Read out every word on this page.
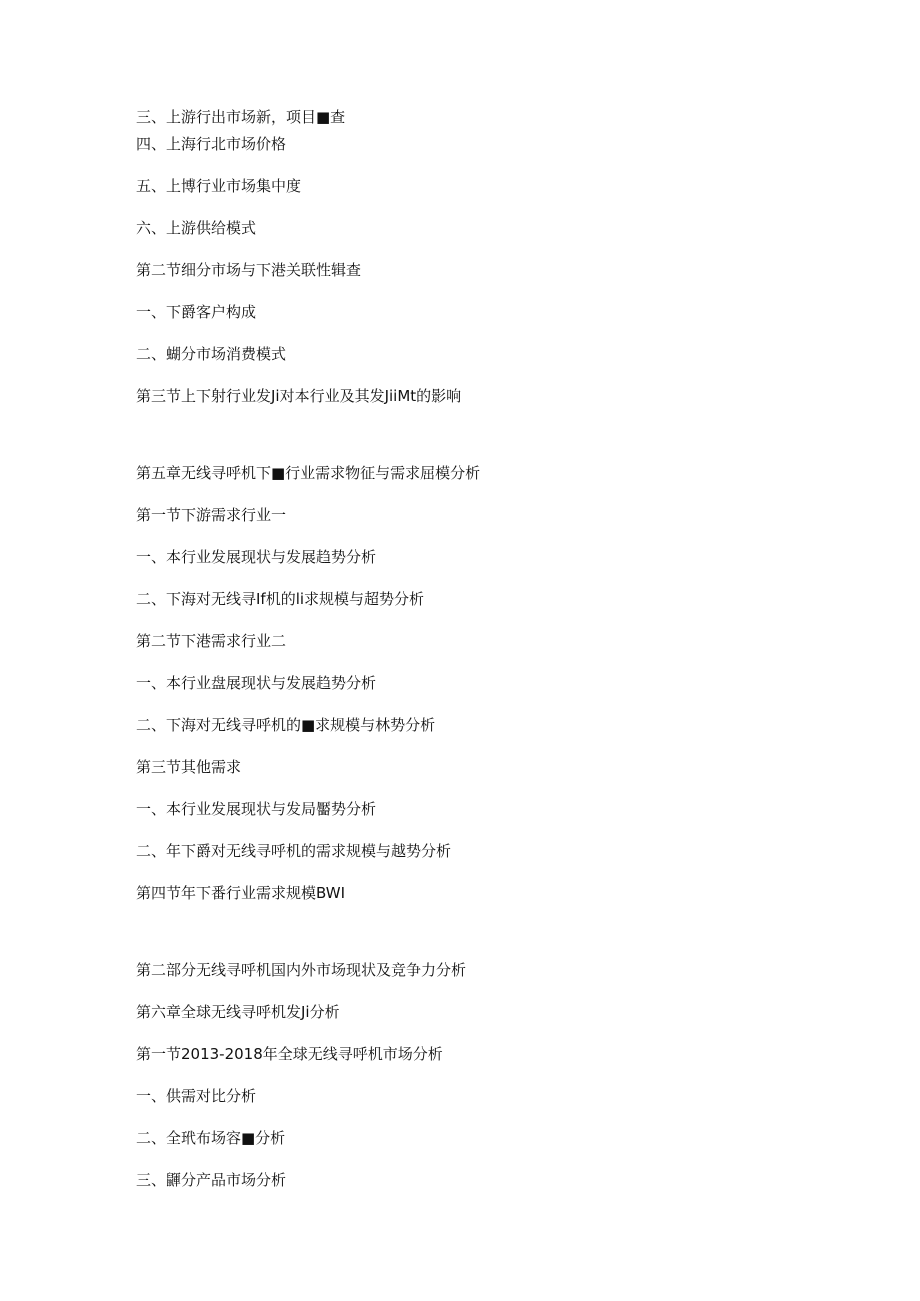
三、上游行出市场新，项目■查
四、上海行北市场价格
五、上博行业市场集中度
六、上游供给模式
第二节细分市场与下港关联性辑查
一、下爵客户构成
二、蝴分市场消费模式
第三节上下射行业发Ji对本行业及其发JiiMt的影响
第五章无线寻呼机下■行业需求物征与需求屈模分析
第一节下游需求行业一
一、本行业发展现状与发展趋势分析
二、下海对无线寻If机的li求规模与超势分析
第二节下港需求行业二
一、本行业盘展现状与发展趋势分析
二、下海对无线寻呼机的■求规模与林势分析
第三节其他需求
一、本行业发展现状与发局靨势分析
二、年下爵对无线寻呼机的需求规模与越势分析
第四节年下番行业需求规模BWI
第二部分无线寻呼机国内外市场现状及竞争力分析
第六章全球无线寻呼机发Ji分析
第一节2013-2018年全球无线寻呼机市场分析
一、供需对比分析
二、全玳布场容■分析
三、鼲分产品市场分析
